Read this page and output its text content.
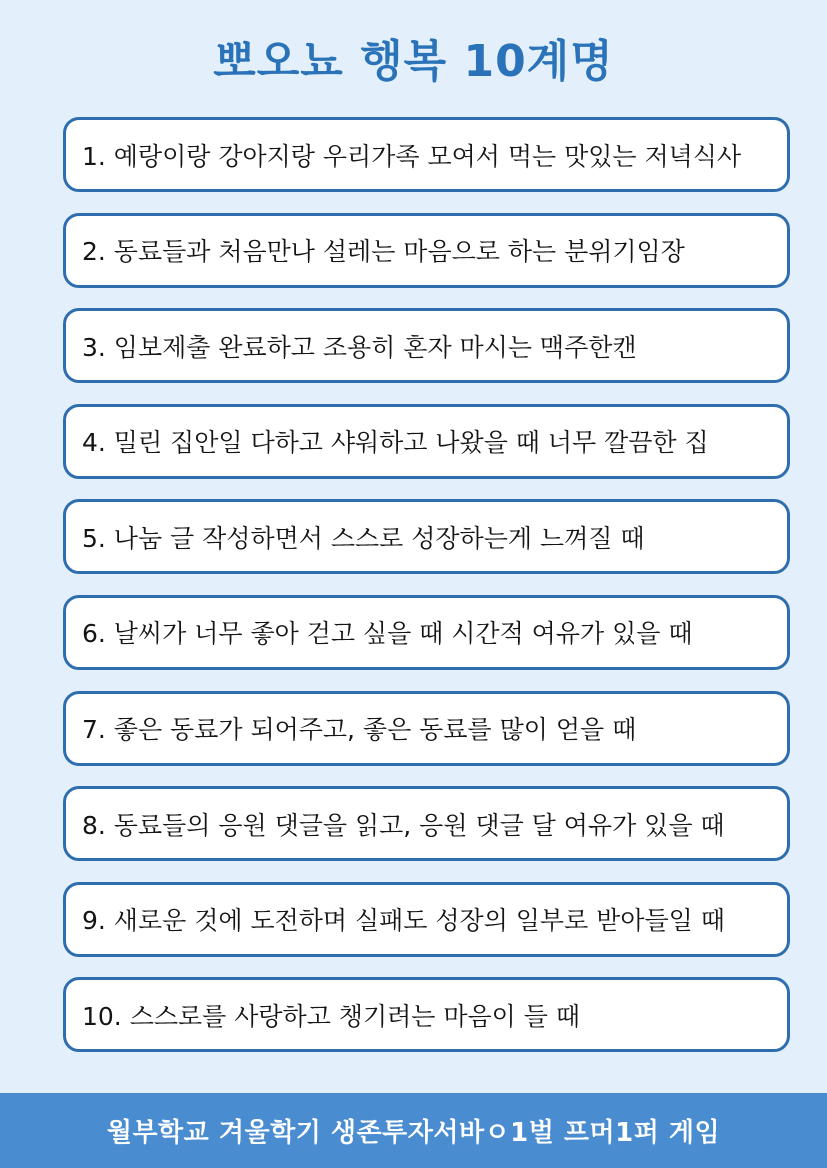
뽀오뇨 행복 10계명
1. 예랑이랑 강아지랑 우리가족 모여서 먹는 맛있는 저녁식사
2. 동료들과 처음만나 설레는 마음으로 하는 분위기임장
3. 임보제출 완료하고 조용히 혼자 마시는 맥주한캔
4. 밀린 집안일 다하고 샤워하고 나왔을 때 너무 깔끔한 집
5. 나눔 글 작성하면서 스스로 성장하는게 느껴질 때
6. 날씨가 너무 좋아 걷고 싶을 때 시간적 여유가 있을 때
7. 좋은 동료가 되어주고, 좋은 동료를 많이 얻을 때
8. 동료들의 응원 댓글을 읽고, 응원 댓글 달 여유가 있을 때
9. 새로운 것에 도전하며 실패도 성장의 일부로 받아들일 때
10. 스스로를 사랑하고 챙기려는 마음이 들 때
월부학교 겨울학기 생존투자서바ㅇ1벌 프머1퍼 게임
